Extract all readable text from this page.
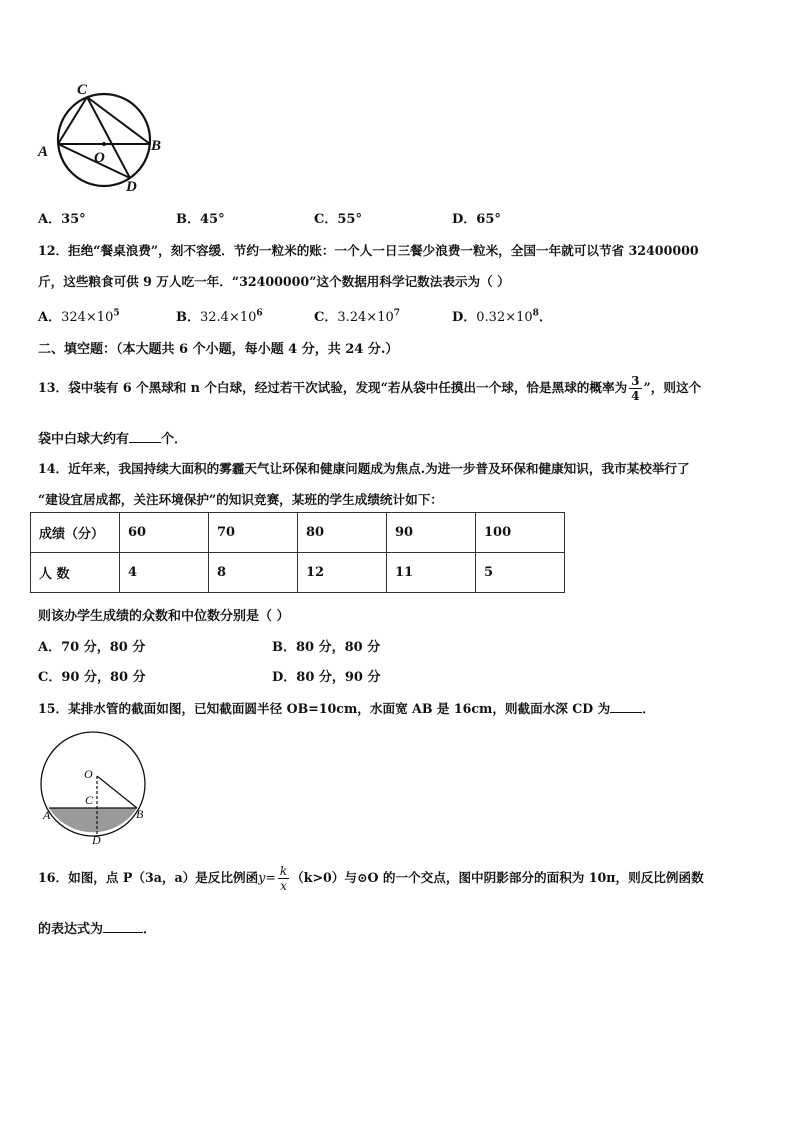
C
A	B
O
D
A．35°	B．45°	C．55°	D．65°
12．拒绝“餐桌浪费”，刻不容缓．节约一粒米的账：一个人一日三餐少浪费一粒米，全国一年就可以节省 32400000
斤，这些粮食可供 9 万人吃一年．“32400000”这个数据用科学记数法表示为（ ）
A．$324\times 10^5$	B．$32.4\times 10^6$	C．$3.24\times 10^7$	D．$0.32\times 10^8$．
二、填空题：（本大题共 6 个小题，每小题 4 分，共 24 分.）
13．袋中装有 6 个黑球和 n 个白球，经过若干次试验，发现“若从袋中任摸出一个球，恰是黑球的概率为 $\frac{3}{4}$ ”，则这个
袋中白球大约有 个．
14．近年来，我国持续大面积的雾霾天气让环保和健康问题成为焦点.为进一步普及环保和健康知识，我市某校举行了
“建设宜居成都，关注环境保护”的知识竞赛，某班的学生成绩统计如下：
成绩（分）	60	70	80	90	100
人 数	4	8	12	11	5
则该办学生成绩的众数和中位数分别是（ ）
A．70 分，80 分	B．80 分，80 分
C．90 分，80 分	D．80 分，90 分
15．某排水管的截面如图，已知截面圆半径 OB=10cm，水面宽 AB 是 16cm，则截面水深 CD 为	．
O
C
A	B
D
16．如图，点 P（3a，a）是反比例函$y= \frac{k}{x} (k>0)$与⊙O 的一个交点，图中阴影部分的面积为 10π，则反比例函数
的表达式为	．
